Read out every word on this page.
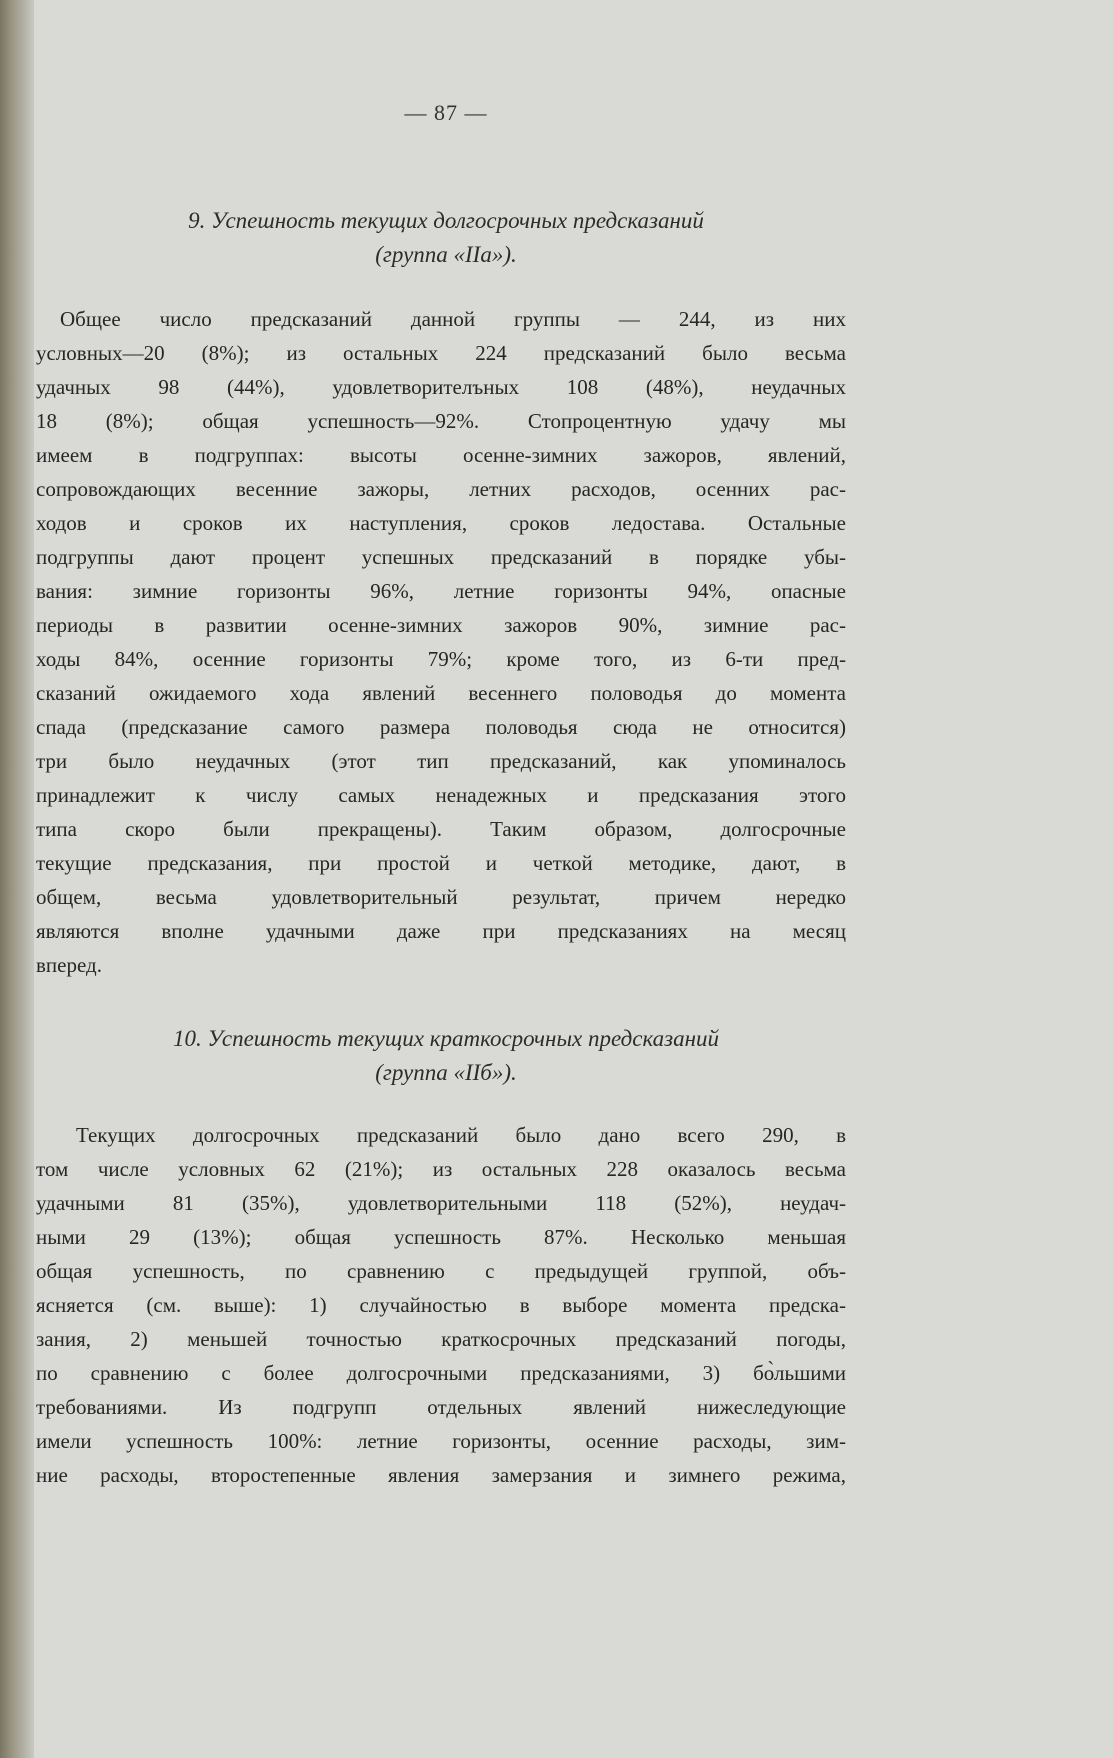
— 87 —
9. Успешность текущих долгосрочных предсказаний
(группа «IIа»).
Общее число предсказаний данной группы — 244, из них
условных—20 (8%); из остальных 224 предсказаний было весьма
удачных 98 (44%), удовлетворителъных 108 (48%), неудачных
18 (8%); общая успешность—92%. Стопроцентную удачу мы
имеем в подгруппах: высоты осенне-зимних зажоров, явлений,
сопровождающих весенние зажоры, летних расходов, осенних рас-
ходов и сроков их наступления, сроков ледостава. Остальные
подгруппы дают процент успешных предсказаний в порядке убы-
вания: зимние горизонты 96%, летние горизонты 94%, опасные
периоды в развитии осенне-зимних зажоров 90%, зимние рас-
ходы 84%, осенние горизонты 79%; кроме того, из 6-ти пред-
сказаний ожидаемого хода явлений весеннего половодья до момента
спада (предсказание самого размера половодья сюда не относится)
три было неудачных (этот тип предсказаний, как упоминалось
принадлежит к числу самых ненадежных и предсказания этого
типа скоро были прекращены). Таким образом, долгосрочные
текущие предсказания, при простой и четкой методике, дают, в
общем, весьма удовлетворительный результат, причем нередко
являются вполне удачными даже при предсказаниях на месяц
вперед.
10. Успешность текущих краткосрочных предсказаний
(группа «IIб»).
Текущих долгосрочных предсказаний было дано всего 290, в
том числе условных 62 (21%); из остальных 228 оказалось весьма
удачными 81 (35%), удовлетворительными 118 (52%), неудач-
ными 29 (13%); общая успешность 87%. Несколько меньшая
общая успешность, по сравнению с предыдущей группой, объ-
ясняется (см. выше): 1) случайностью в выборе момента предска-
зания, 2) меньшей точностью краткосрочных предсказаний погоды,
по сравнению с более долгосрочными предсказаниями, 3) бо̀льшими
требованиями. Из подгрупп отдельных явлений нижеследующие
имели успешность 100%: летние горизонты, осенние расходы, зим-
ние расходы, второстепенные явления замерзания и зимнего режима,
